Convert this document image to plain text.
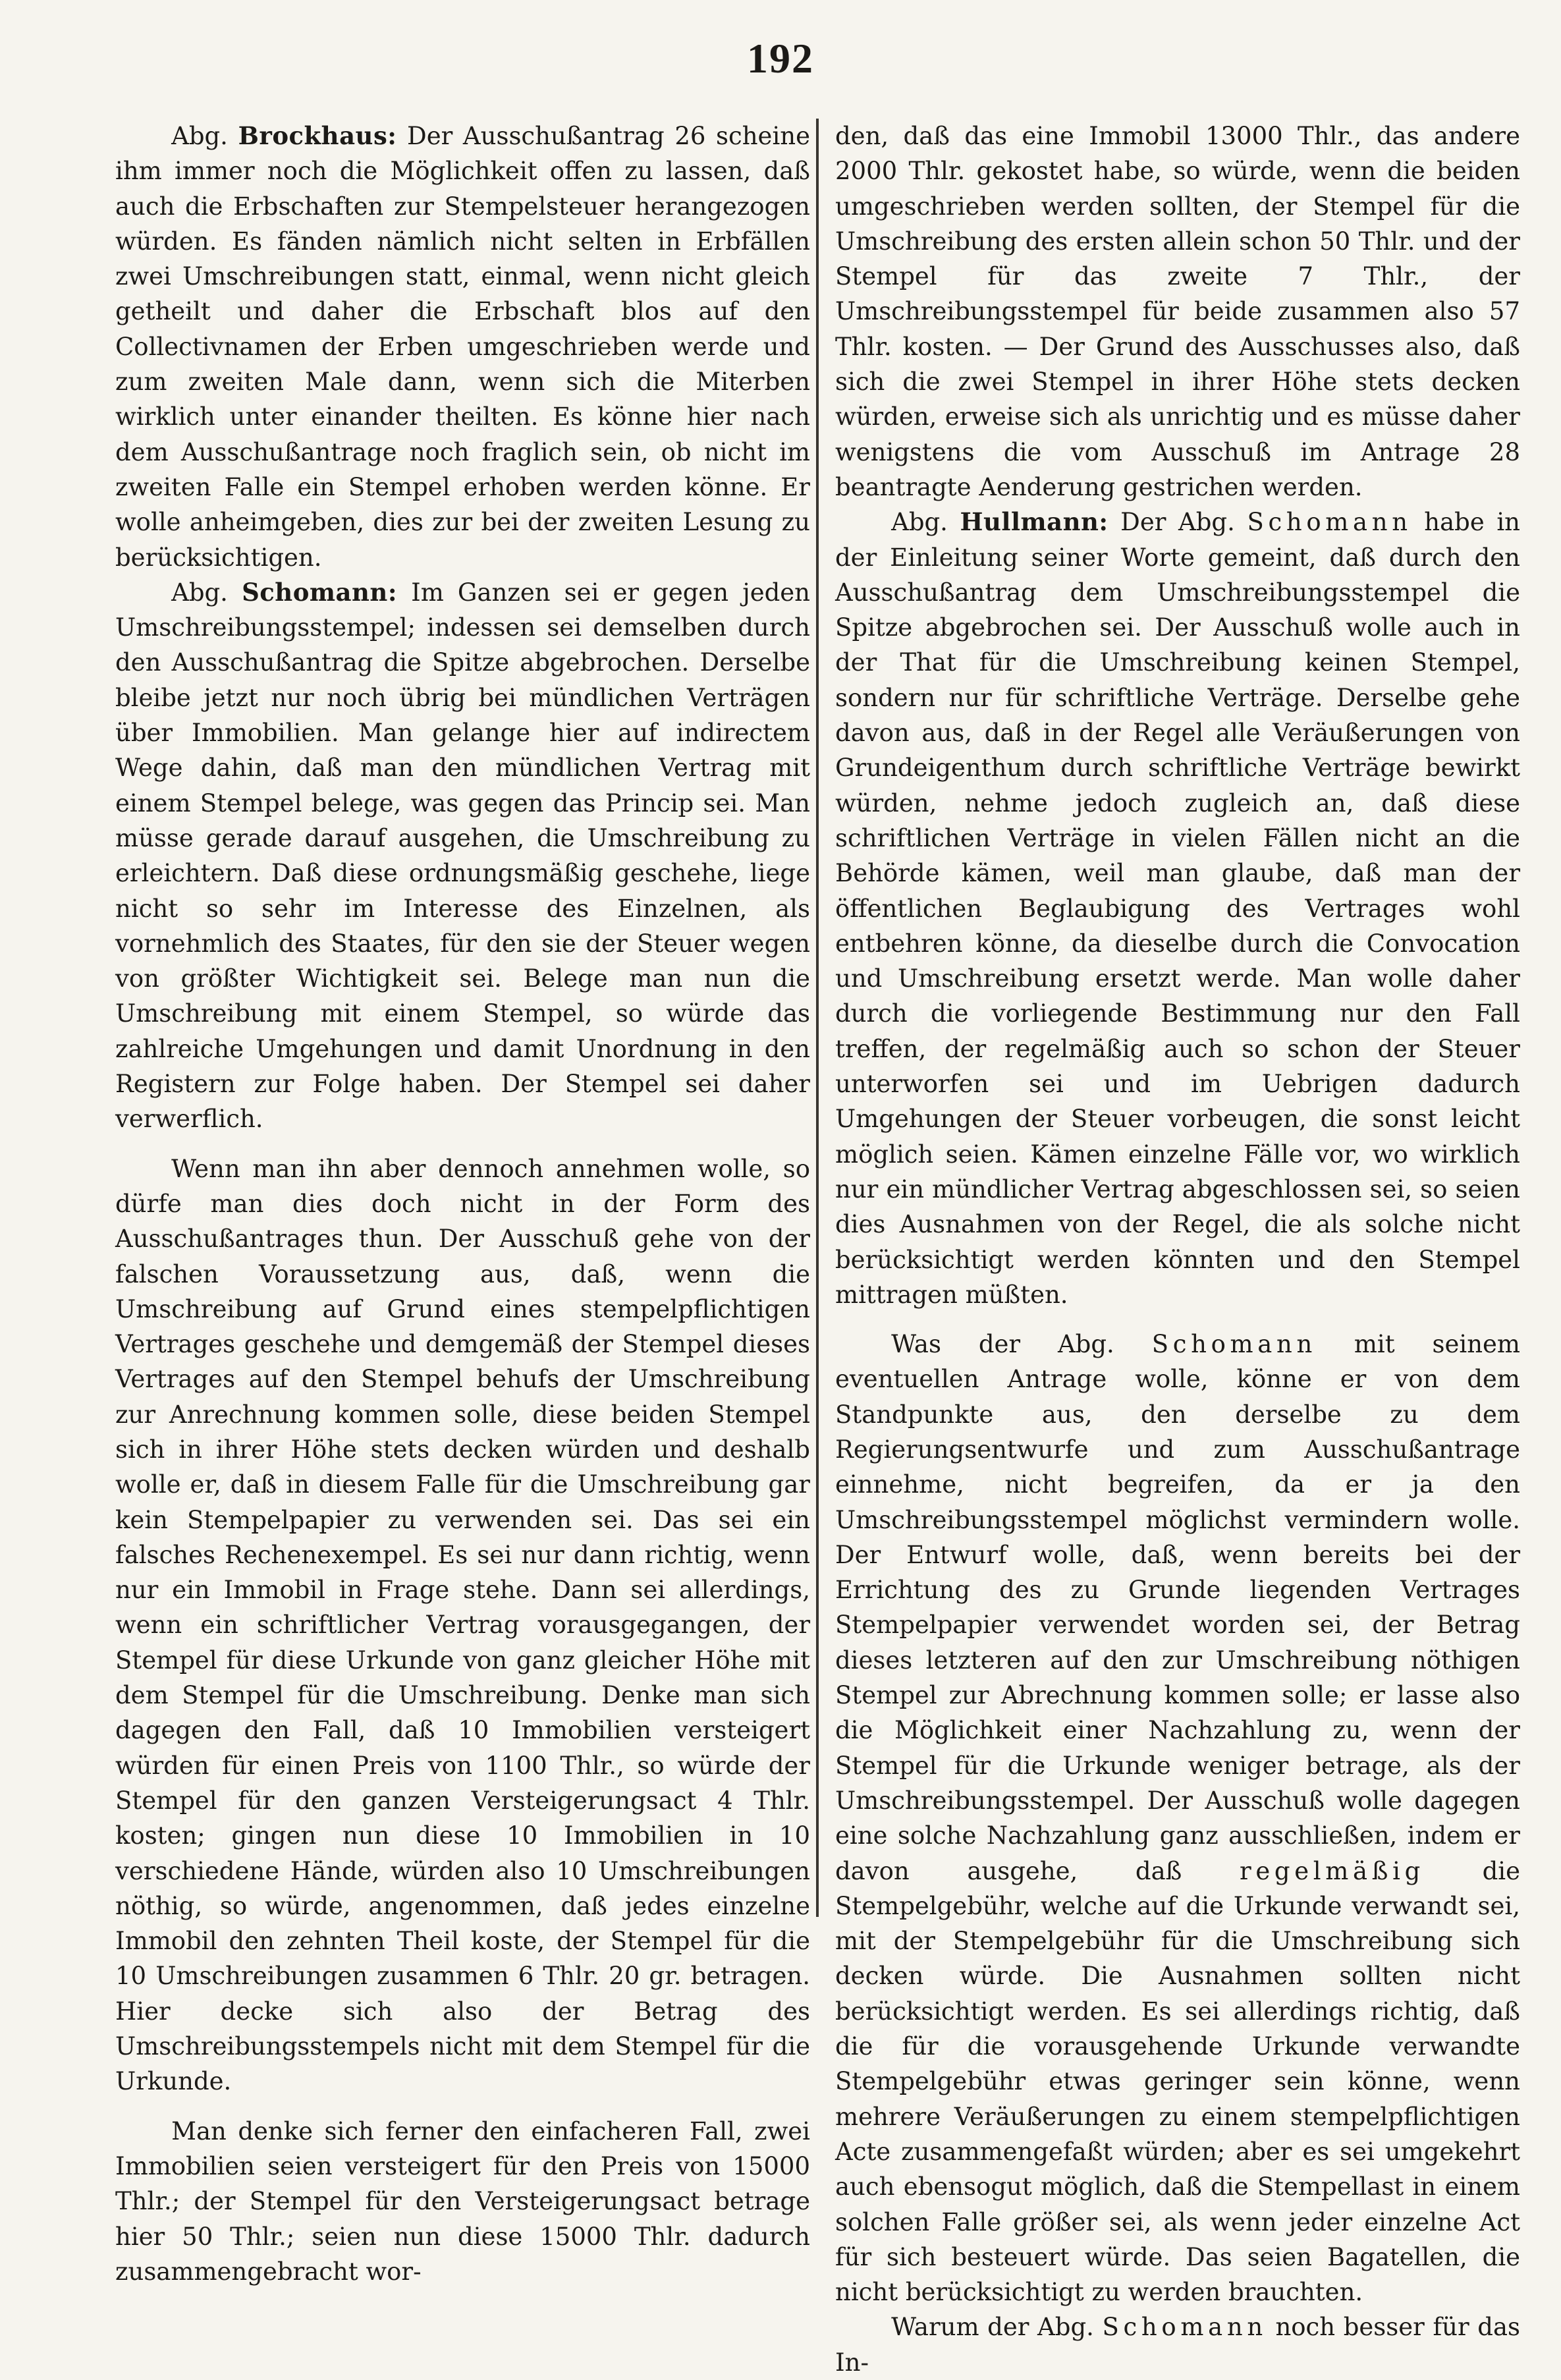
192

Abg. Brockhaus: Der Ausschußantrag 26 scheine ihm immer noch die Möglichkeit offen zu lassen, daß auch die Erbschaften zur Stempelsteuer herangezogen würden. Es fänden nämlich nicht selten in Erbfällen zwei Umschreibungen statt, einmal, wenn nicht gleich getheilt und daher die Erbschaft blos auf den Collectivnamen der Erben umgeschrieben werde und zum zweiten Male dann, wenn sich die Miterben wirklich unter einander theilten. Es könne hier nach dem Ausschußantrage noch fraglich sein, ob nicht im zweiten Falle ein Stempel erhoben werden könne. Er wolle anheimgeben, dies zur bei der zweiten Lesung zu berücksichtigen.

Abg. Schomann: Im Ganzen sei er gegen jeden Umschreibungsstempel; indessen sei demselben durch den Ausschußantrag die Spitze abgebrochen. Derselbe bleibe jetzt nur noch übrig bei mündlichen Verträgen über Immobilien. Man gelange hier auf indirectem Wege dahin, daß man den mündlichen Vertrag mit einem Stempel belege, was gegen das Princip sei. Man müsse gerade darauf ausgehen, die Umschreibung zu erleichtern. Daß diese ordnungsmäßig geschehe, liege nicht so sehr im Interesse des Einzelnen, als vornehmlich des Staates, für den sie der Steuer wegen von größter Wichtigkeit sei. Belege man nun die Umschreibung mit einem Stempel, so würde das zahlreiche Umgehungen und damit Unordnung in den Registern zur Folge haben. Der Stempel sei daher verwerflich.

Wenn man ihn aber dennoch annehmen wolle, so dürfe man dies doch nicht in der Form des Ausschußantrages thun. Der Ausschuß gehe von der falschen Voraussetzung aus, daß, wenn die Umschreibung auf Grund eines stempelpflichtigen Vertrages geschehe und demgemäß der Stempel dieses Vertrages auf den Stempel behufs der Umschreibung zur Anrechnung kommen solle, diese beiden Stempel sich in ihrer Höhe stets decken würden und deshalb wolle er, daß in diesem Falle für die Umschreibung gar kein Stempelpapier zu verwenden sei. Das sei ein falsches Rechenexempel. Es sei nur dann richtig, wenn nur ein Immobil in Frage stehe. Dann sei allerdings, wenn ein schriftlicher Vertrag vorausgegangen, der Stempel für diese Urkunde von ganz gleicher Höhe mit dem Stempel für die Umschreibung. Denke man sich dagegen den Fall, daß 10 Immobilien versteigert würden für einen Preis von 1100 Thlr., so würde der Stempel für den ganzen Versteigerungsact 4 Thlr. kosten; gingen nun diese 10 Immobilien in 10 verschiedene Hände, würden also 10 Umschreibungen nöthig, so würde, angenommen, daß jedes einzelne Immobil den zehnten Theil koste, der Stempel für die 10 Umschreibungen zusammen 6 Thlr. 20 gr. betragen. Hier decke sich also der Betrag des Umschreibungsstempels nicht mit dem Stempel für die Urkunde.

Man denke sich ferner den einfacheren Fall, zwei Immobilien seien versteigert für den Preis von 15000 Thlr.; der Stempel für den Versteigerungsact betrage hier 50 Thlr.; seien nun diese 15000 Thlr. dadurch zusammengebracht wor-

den, daß das eine Immobil 13000 Thlr., das andere 2000 Thlr. gekostet habe, so würde, wenn die beiden umgeschrieben werden sollten, der Stempel für die Umschreibung des ersten allein schon 50 Thlr. und der Stempel für das zweite 7 Thlr., der Umschreibungsstempel für beide zusammen also 57 Thlr. kosten. — Der Grund des Ausschusses also, daß sich die zwei Stempel in ihrer Höhe stets decken würden, erweise sich als unrichtig und es müsse daher wenigstens die vom Ausschuß im Antrage 28 beantragte Aenderung gestrichen werden.

Abg. Hullmann: Der Abg. Schomann habe in der Einleitung seiner Worte gemeint, daß durch den Ausschußantrag dem Umschreibungsstempel die Spitze abgebrochen sei. Der Ausschuß wolle auch in der That für die Umschreibung keinen Stempel, sondern nur für schriftliche Verträge. Derselbe gehe davon aus, daß in der Regel alle Veräußerungen von Grundeigenthum durch schriftliche Verträge bewirkt würden, nehme jedoch zugleich an, daß diese schriftlichen Verträge in vielen Fällen nicht an die Behörde kämen, weil man glaube, daß man der öffentlichen Beglaubigung des Vertrages wohl entbehren könne, da dieselbe durch die Convocation und Umschreibung ersetzt werde. Man wolle daher durch die vorliegende Bestimmung nur den Fall treffen, der regelmäßig auch so schon der Steuer unterworfen sei und im Uebrigen dadurch Umgehungen der Steuer vorbeugen, die sonst leicht möglich seien. Kämen einzelne Fälle vor, wo wirklich nur ein mündlicher Vertrag abgeschlossen sei, so seien dies Ausnahmen von der Regel, die als solche nicht berücksichtigt werden könnten und den Stempel mittragen müßten.

Was der Abg. Schomann mit seinem eventuellen Antrage wolle, könne er von dem Standpunkte aus, den derselbe zu dem Regierungsentwurfe und zum Ausschußantrage einnehme, nicht begreifen, da er ja den Umschreibungsstempel möglichst vermindern wolle. Der Entwurf wolle, daß, wenn bereits bei der Errichtung des zu Grunde liegenden Vertrages Stempelpapier verwendet worden sei, der Betrag dieses letzteren auf den zur Umschreibung nöthigen Stempel zur Abrechnung kommen solle; er lasse also die Möglichkeit einer Nachzahlung zu, wenn der Stempel für die Urkunde weniger betrage, als der Umschreibungsstempel. Der Ausschuß wolle dagegen eine solche Nachzahlung ganz ausschließen, indem er davon ausgehe, daß regelmäßig die Stempelgebühr, welche auf die Urkunde verwandt sei, mit der Stempelgebühr für die Umschreibung sich decken würde. Die Ausnahmen sollten nicht berücksichtigt werden. Es sei allerdings richtig, daß die für die vorausgehende Urkunde verwandte Stempelgebühr etwas geringer sein könne, wenn mehrere Veräußerungen zu einem stempelpflichtigen Acte zusammengefaßt würden; aber es sei umgekehrt auch ebensogut möglich, daß die Stempellast in einem solchen Falle größer sei, als wenn jeder einzelne Act für sich besteuert würde. Das seien Bagatellen, die nicht berücksichtigt zu werden brauchten.

Warum der Abg. Schomann noch besser für das In-
